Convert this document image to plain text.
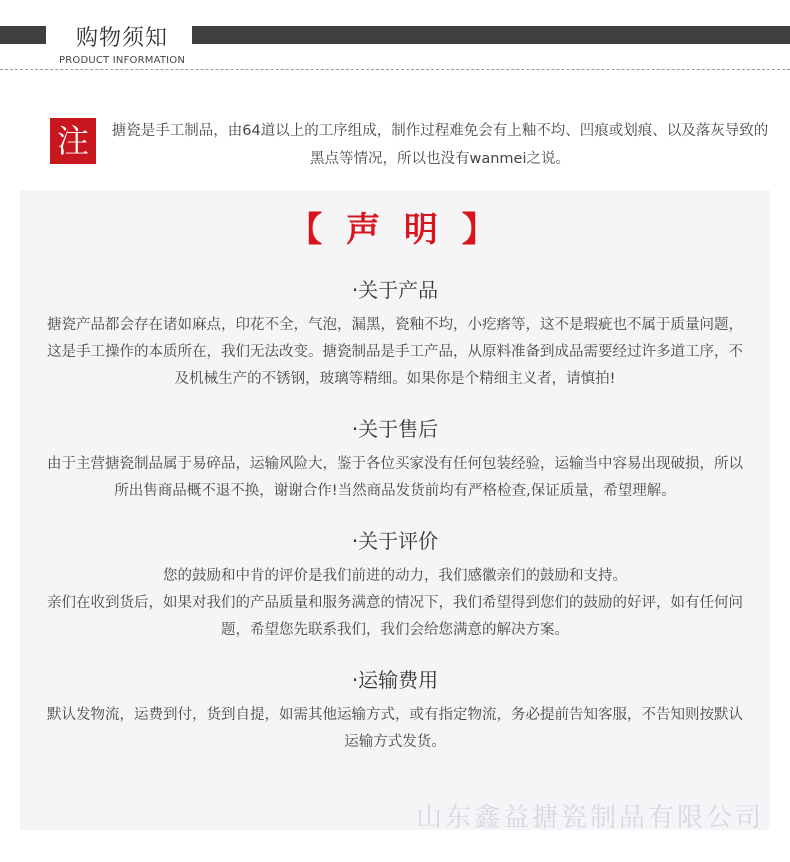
购物须知
PRODUCT INFORMATION
注	搪瓷是手工制品，由64道以上的工序组成，制作过程难免会有上釉不均、凹痕或划痕、以及落灰导致的黑点等情况，所以也没有wanmei之说。
【 声 明 】
·关于产品
搪瓷产品都会存在诸如麻点，印花不全，气泡，漏黑，瓷釉不均，小疙瘩等，这不是瑕疵也不属于质量问题，这是手工操作的本质所在，我们无法改变。搪瓷制品是手工产品，从原料准备到成品需要经过许多道工序，不及机械生产的不锈钢，玻璃等精细。如果你是个精细主义者，请慎拍!
·关于售后
由于主营搪瓷制品属于易碎品，运输风险大，鉴于各位买家没有任何包装经验，运输当中容易出现破损，所以所出售商品概不退不换，谢谢合作!当然商品发货前均有严格检查,保证质量，希望理解。
·关于评价
您的鼓励和中肯的评价是我们前进的动力，我们感徽亲们的鼓励和支持。
亲们在收到货后，如果对我们的产品质量和服务满意的情况下，我们希望得到您们的鼓励的好评，如有任何问题，希望您先联系我们，我们会给您满意的解决方案。
·运输费用
默认发物流，运费到付，货到自提，如需其他运输方式，或有指定物流，务必提前告知客服，不告知则按默认运输方式发货。
山东鑫益搪瓷制品有限公司
